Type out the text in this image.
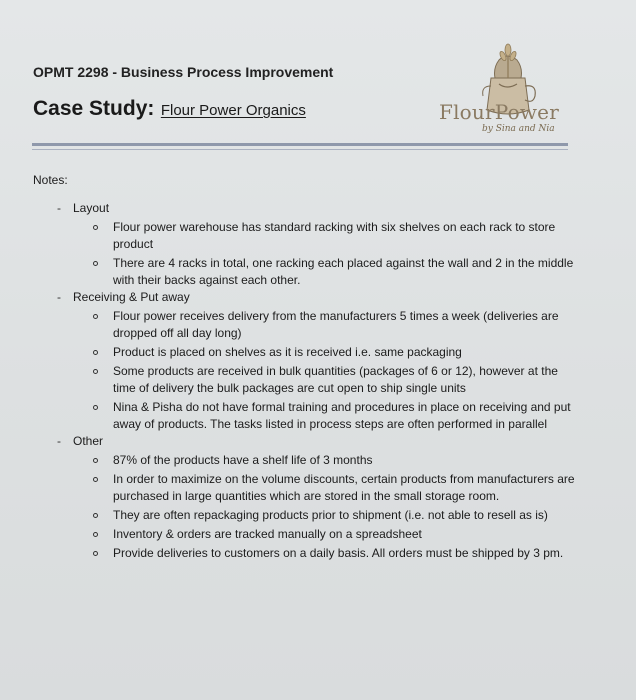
OPMT 2298 - Business Process Improvement
Case Study: Flour Power Organics	FlourPower
by Sina and Nia
Notes:
- Layout
Flour power warehouse has standard racking with six shelves on each rack to store product
There are 4 racks in total, one racking each placed against the wall and 2 in the middle with their backs against each other.
- Receiving & Put away
Flour power receives delivery from the manufacturers 5 times a week (deliveries are dropped off all day long)
Product is placed on shelves as it is received i.e. same packaging
Some products are received in bulk quantities (packages of 6 or 12), however at the time of delivery the bulk packages are cut open to ship single units
Nina & Pisha do not have formal training and procedures in place on receiving and put away of products. The tasks listed in process steps are often performed in parallel
- Other
87% of the products have a shelf life of 3 months
In order to maximize on the volume discounts, certain products from manufacturers are purchased in large quantities which are stored in the small storage room.
They are often repackaging products prior to shipment (i.e. not able to resell as is)
Inventory & orders are tracked manually on a spreadsheet
Provide deliveries to customers on a daily basis. All orders must be shipped by 3 pm.
